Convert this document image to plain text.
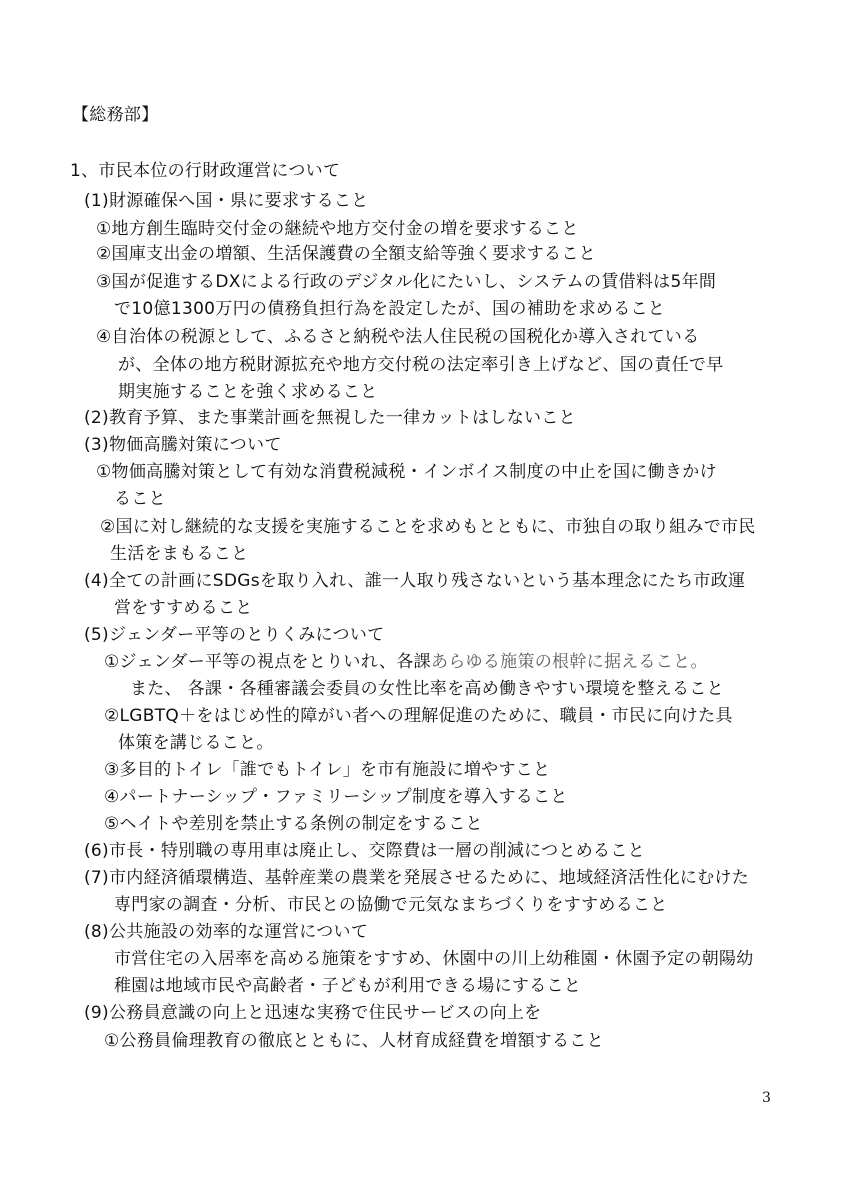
【総務部】
1、市民本位の行財政運営について
(1)財源確保へ国・県に要求すること
①地方創生臨時交付金の継続や地方交付金の増を要求すること
②国庫支出金の増額、生活保護費の全額支給等強く要求すること
③国が促進するDXによる行政のデジタル化にたいし、システムの賃借料は5年間
で10億1300万円の債務負担行為を設定したが、国の補助を求めること
④自治体の税源として、ふるさと納税や法人住民税の国税化か導入されている
が、全体の地方税財源拡充や地方交付税の法定率引き上げなど、国の責任で早
期実施することを強く求めること
(2)教育予算、また事業計画を無視した一律カットはしないこと
(3)物価高騰対策について
①物価高騰対策として有効な消費税減税・インボイス制度の中止を国に働きかけ
ること
②国に対し継続的な支援を実施することを求めもとともに、市独自の取り組みで市民
生活をまもること
(4)全ての計画にSDGsを取り入れ、誰一人取り残さないという基本理念にたち市政運
営をすすめること
(5)ジェンダー平等のとりくみについて
①ジェンダー平等の視点をとりいれ、各課あらゆる施策の根幹に据えること。
また、 各課・各種審議会委員の女性比率を高め働きやすい環境を整えること
②LGBTQ＋をはじめ性的障がい者への理解促進のために、職員・市民に向けた具
体策を講じること。
③多目的トイレ「誰でもトイレ」を市有施設に増やすこと
④パートナーシップ・ファミリーシップ制度を導入すること
⑤ヘイトや差別を禁止する条例の制定をすること
(6)市長・特別職の専用車は廃止し、交際費は一層の削減につとめること
(7)市内経済循環構造、基幹産業の農業を発展させるために、地域経済活性化にむけた
専門家の調査・分析、市民との協働で元気なまちづくりをすすめること
(8)公共施設の効率的な運営について
市営住宅の入居率を高める施策をすすめ、休園中の川上幼稚園・休園予定の朝陽幼
稚園は地域市民や高齢者・子どもが利用できる場にすること
(9)公務員意識の向上と迅速な実務で住民サービスの向上を
①公務員倫理教育の徹底とともに、人材育成経費を増額すること
3
